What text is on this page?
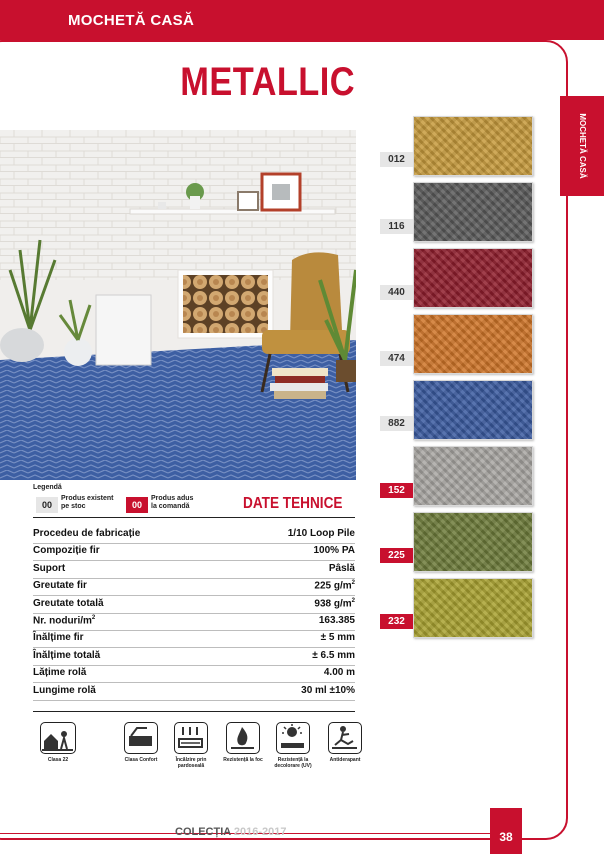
MOCHETĂ CASĂ
METALLIC
MOCHETĂ CASĂ
012
116
440
474
882
152
225
232
Legendă
00
Produs existent
pe stoc	00
Produs adus
la comandă	DATE TEHNICE
Procedeu de fabricație	1/10 Loop Pile
Compoziție fir	100% PA
Suport	Pâslă
Greutate fir	225 $g/m^2$
Greutate totală	938 $g/m^2$
Nr. noduri/$m^2$	163.385
Înălțime fir	± 5 mm
Înălțime totală	± 6.5 mm
Lățime rolă	4.00 m
Lungime rolă	30 ml ±10%
Clasa 22	Clasa Confort	Încălzire prin pardoseală
Rezistență la foc	Rezistență la decolorare (UV)
Antiderapant
COLECȚIA 2016-2017	38
